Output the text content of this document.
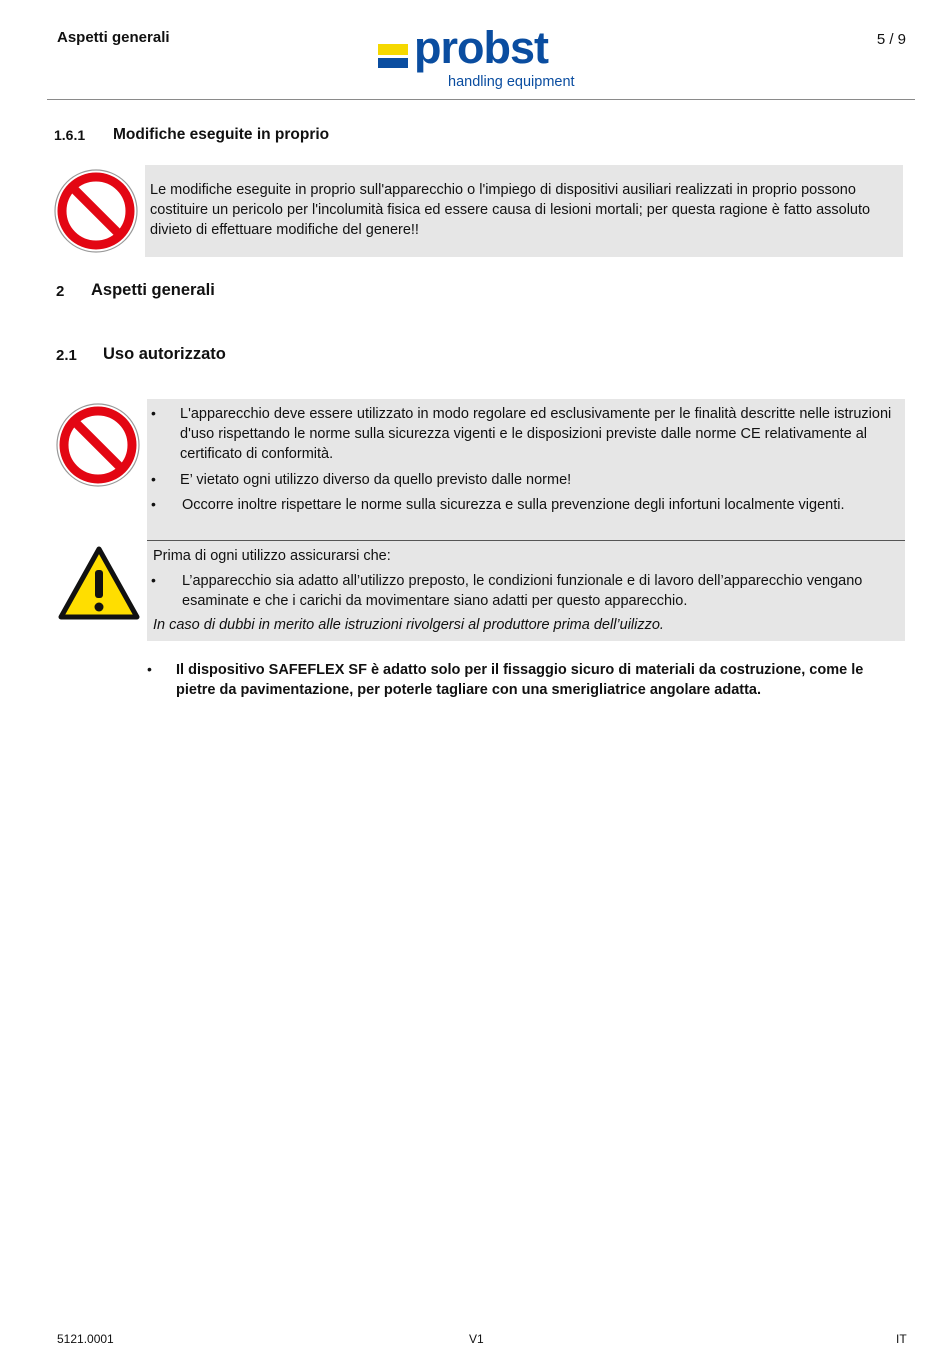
Aspetti generali	probst
handling equipment
5 / 9
1.6.1 Modifiche eseguite in proprio
Le modifiche eseguite in proprio sull'apparecchio o l'impiego di dispositivi ausiliari realizzati in proprio possono costituire un pericolo per l'incolumità fisica ed essere causa di lesioni mortali; per questa ragione è fatto assoluto divieto di effettuare modifiche del genere!!
2 Aspetti generali
2.1 Uso autorizzato
• L'apparecchio deve essere utilizzato in modo regolare ed esclusivamente per le finalità descritte nelle istruzioni d'uso rispettando le norme sulla sicurezza vigenti e le disposizioni previste dalle norme CE relativamente al certificato di conformità.
• E’ vietato ogni utilizzo diverso da quello previsto dalle norme!
• Occorre inoltre rispettare le norme sulla sicurezza e sulla prevenzione degli infortuni localmente vigenti.
Prima di ogni utilizzo assicurarsi che:
• L’apparecchio sia adatto all’utilizzo preposto, le condizioni funzionale e di lavoro dell’apparecchio vengano esaminate e che i carichi da movimentare siano adatti per questo apparecchio.
In caso di dubbi in merito alle istruzioni rivolgersi al produttore prima dell’uilizzo.
• Il dispositivo SAFEFLEX SF è adatto solo per il fissaggio sicuro di materiali da costruzione, come le pietre da pavimentazione, per poterle tagliare con una smerigliatrice angolare adatta.
5121.0001	V1	IT
